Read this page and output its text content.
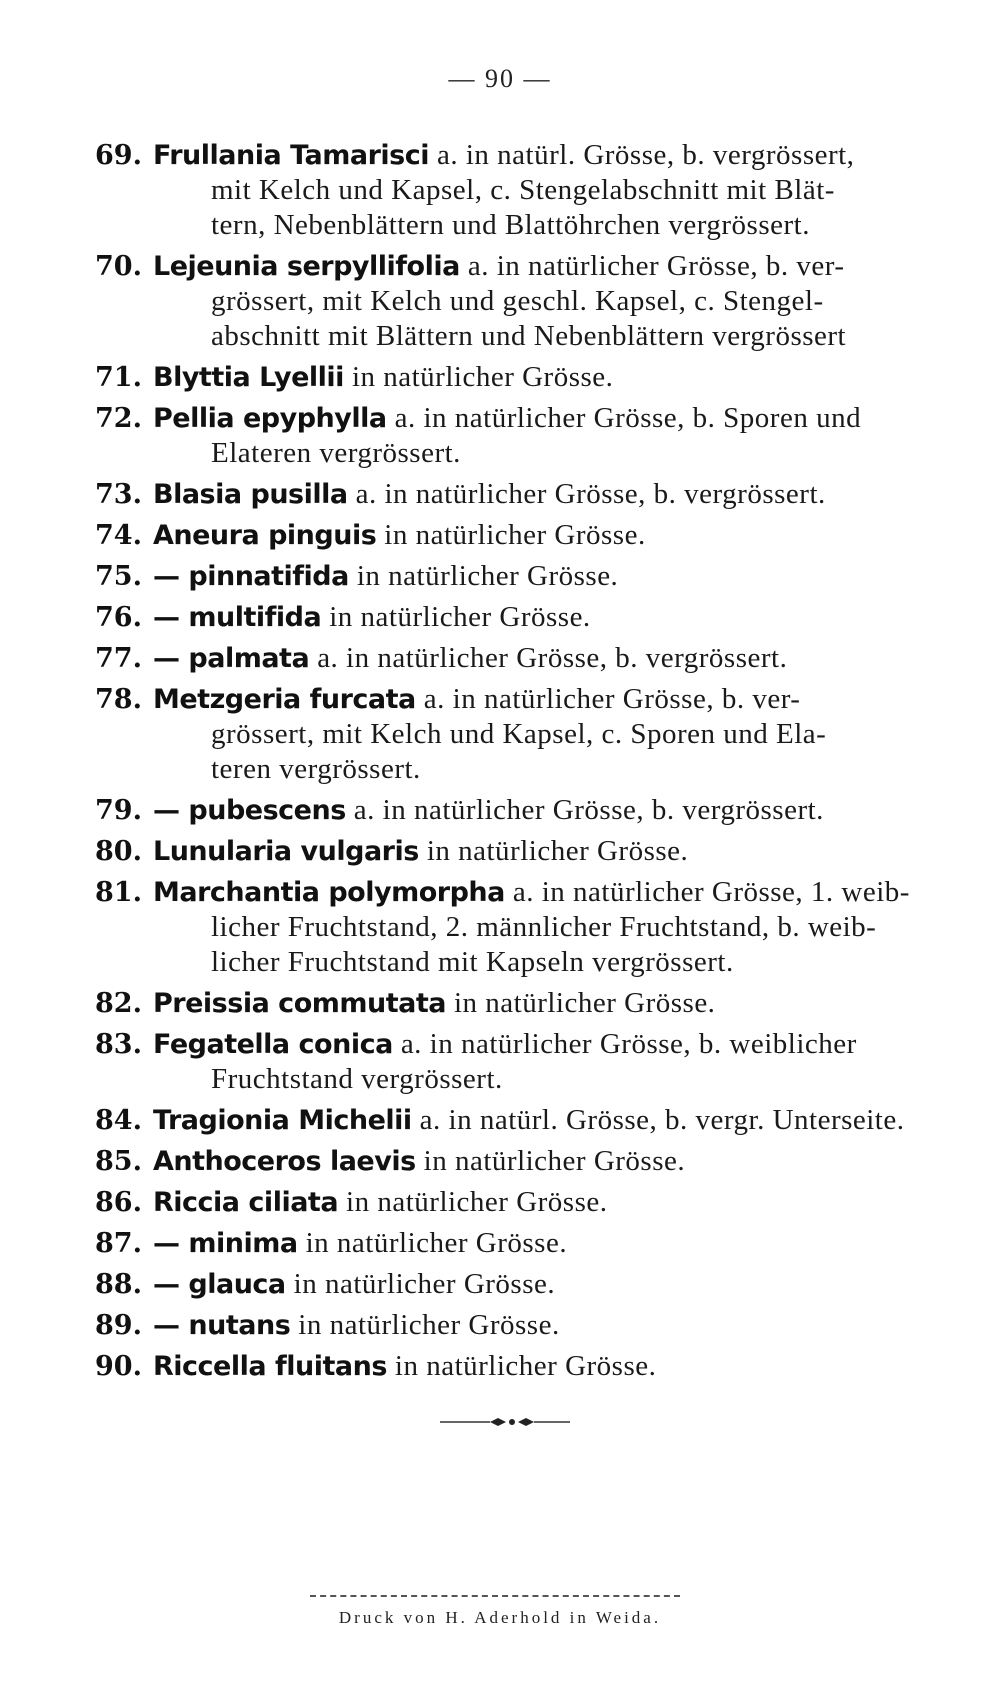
— 90 —
69. Frullania Tamarisci a. in natürl. Grösse, b. vergrössert,
mit Kelch und Kapsel, c. Stengelabschnitt mit Blät-
tern, Nebenblättern und Blattöhrchen vergrössert.
70. Lejeunia serpyllifolia a. in natürlicher Grösse, b. ver-
grössert, mit Kelch und geschl. Kapsel, c. Stengel-
abschnitt mit Blättern und Nebenblättern vergrössert
71. Blyttia Lyellii in natürlicher Grösse.
72. Pellia epyphylla a. in natürlicher Grösse, b. Sporen und
Elateren vergrössert.
73. Blasia pusilla a. in natürlicher Grösse, b. vergrössert.
74. Aneura pinguis in natürlicher Grösse.
75. — pinnatifida in natürlicher Grösse.
76. — multifida in natürlicher Grösse.
77. — palmata a. in natürlicher Grösse, b. vergrössert.
78. Metzgeria furcata a. in natürlicher Grösse, b. ver-
grössert, mit Kelch und Kapsel, c. Sporen und Ela-
teren vergrössert.
79. — pubescens a. in natürlicher Grösse, b. vergrössert.
80. Lunularia vulgaris in natürlicher Grösse.
81. Marchantia polymorpha a. in natürlicher Grösse, 1. weib-
licher Fruchtstand, 2. männlicher Fruchtstand, b. weib-
licher Fruchtstand mit Kapseln vergrössert.
82. Preissia commutata in natürlicher Grösse.
83. Fegatella conica a. in natürlicher Grösse, b. weiblicher
Fruchtstand vergrössert.
84. Tragionia Michelii a. in natürl. Grösse, b. vergr. Unterseite.
85. Anthoceros laevis in natürlicher Grösse.
86. Riccia ciliata in natürlicher Grösse.
87. — minima in natürlicher Grösse.
88. — glauca in natürlicher Grösse.
89. — nutans in natürlicher Grösse.
90. Riccella fluitans in natürlicher Grösse.
Druck von H. Aderhold in Weida.
